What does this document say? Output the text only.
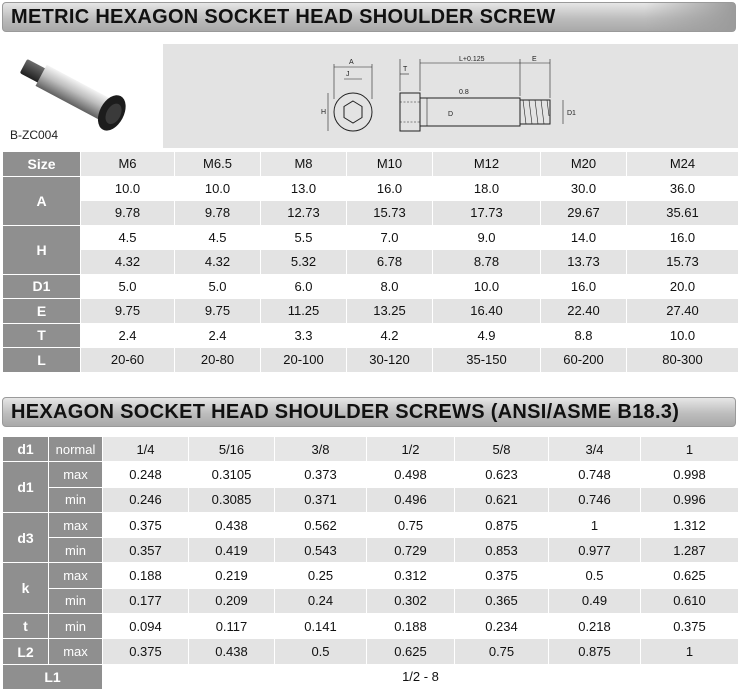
METRIC HEXAGON SOCKET HEAD SHOULDER SCREW
B-ZC004
A
J
H
T
L+0.125	E
D
0.8
D1
Size	M6	M6.5	M8	M10	M12	M20	M24
A	10.0	10.0	13.0	16.0	18.0	30.0	36.0
	9.78	9.78	12.73	15.73	17.73	29.67	35.61
H	4.5	4.5	5.5	7.0	9.0	14.0	16.0
	4.32	4.32	5.32	6.78	8.78	13.73	15.73
D1	5.0	5.0	6.0	8.0	10.0	16.0	20.0
E	9.75	9.75	11.25	13.25	16.40	22.40	27.40
T	2.4	2.4	3.3	4.2	4.9	8.8	10.0
L	20-60	20-80	20-100	30-120	35-150	60-200	80-300
HEXAGON SOCKET HEAD SHOULDER SCREWS (ANSI/ASME B18.3)
d1	normal	1/4	5/16	3/8	1/2	5/8	3/4	1
d1	max	0.248	0.3105	0.373	0.498	0.623	0.748	0.998
	min	0.246	0.3085	0.371	0.496	0.621	0.746	0.996
d3	max	0.375	0.438	0.562	0.75	0.875	1	1.312
	min	0.357	0.419	0.543	0.729	0.853	0.977	1.287
k	max	0.188	0.219	0.25	0.312	0.375	0.5	0.625
	min	0.177	0.209	0.24	0.302	0.365	0.49	0.610
t	min	0.094	0.117	0.141	0.188	0.234	0.218	0.375
L2	max	0.375	0.438	0.5	0.625	0.75	0.875	1
L1		1/2 - 8						
